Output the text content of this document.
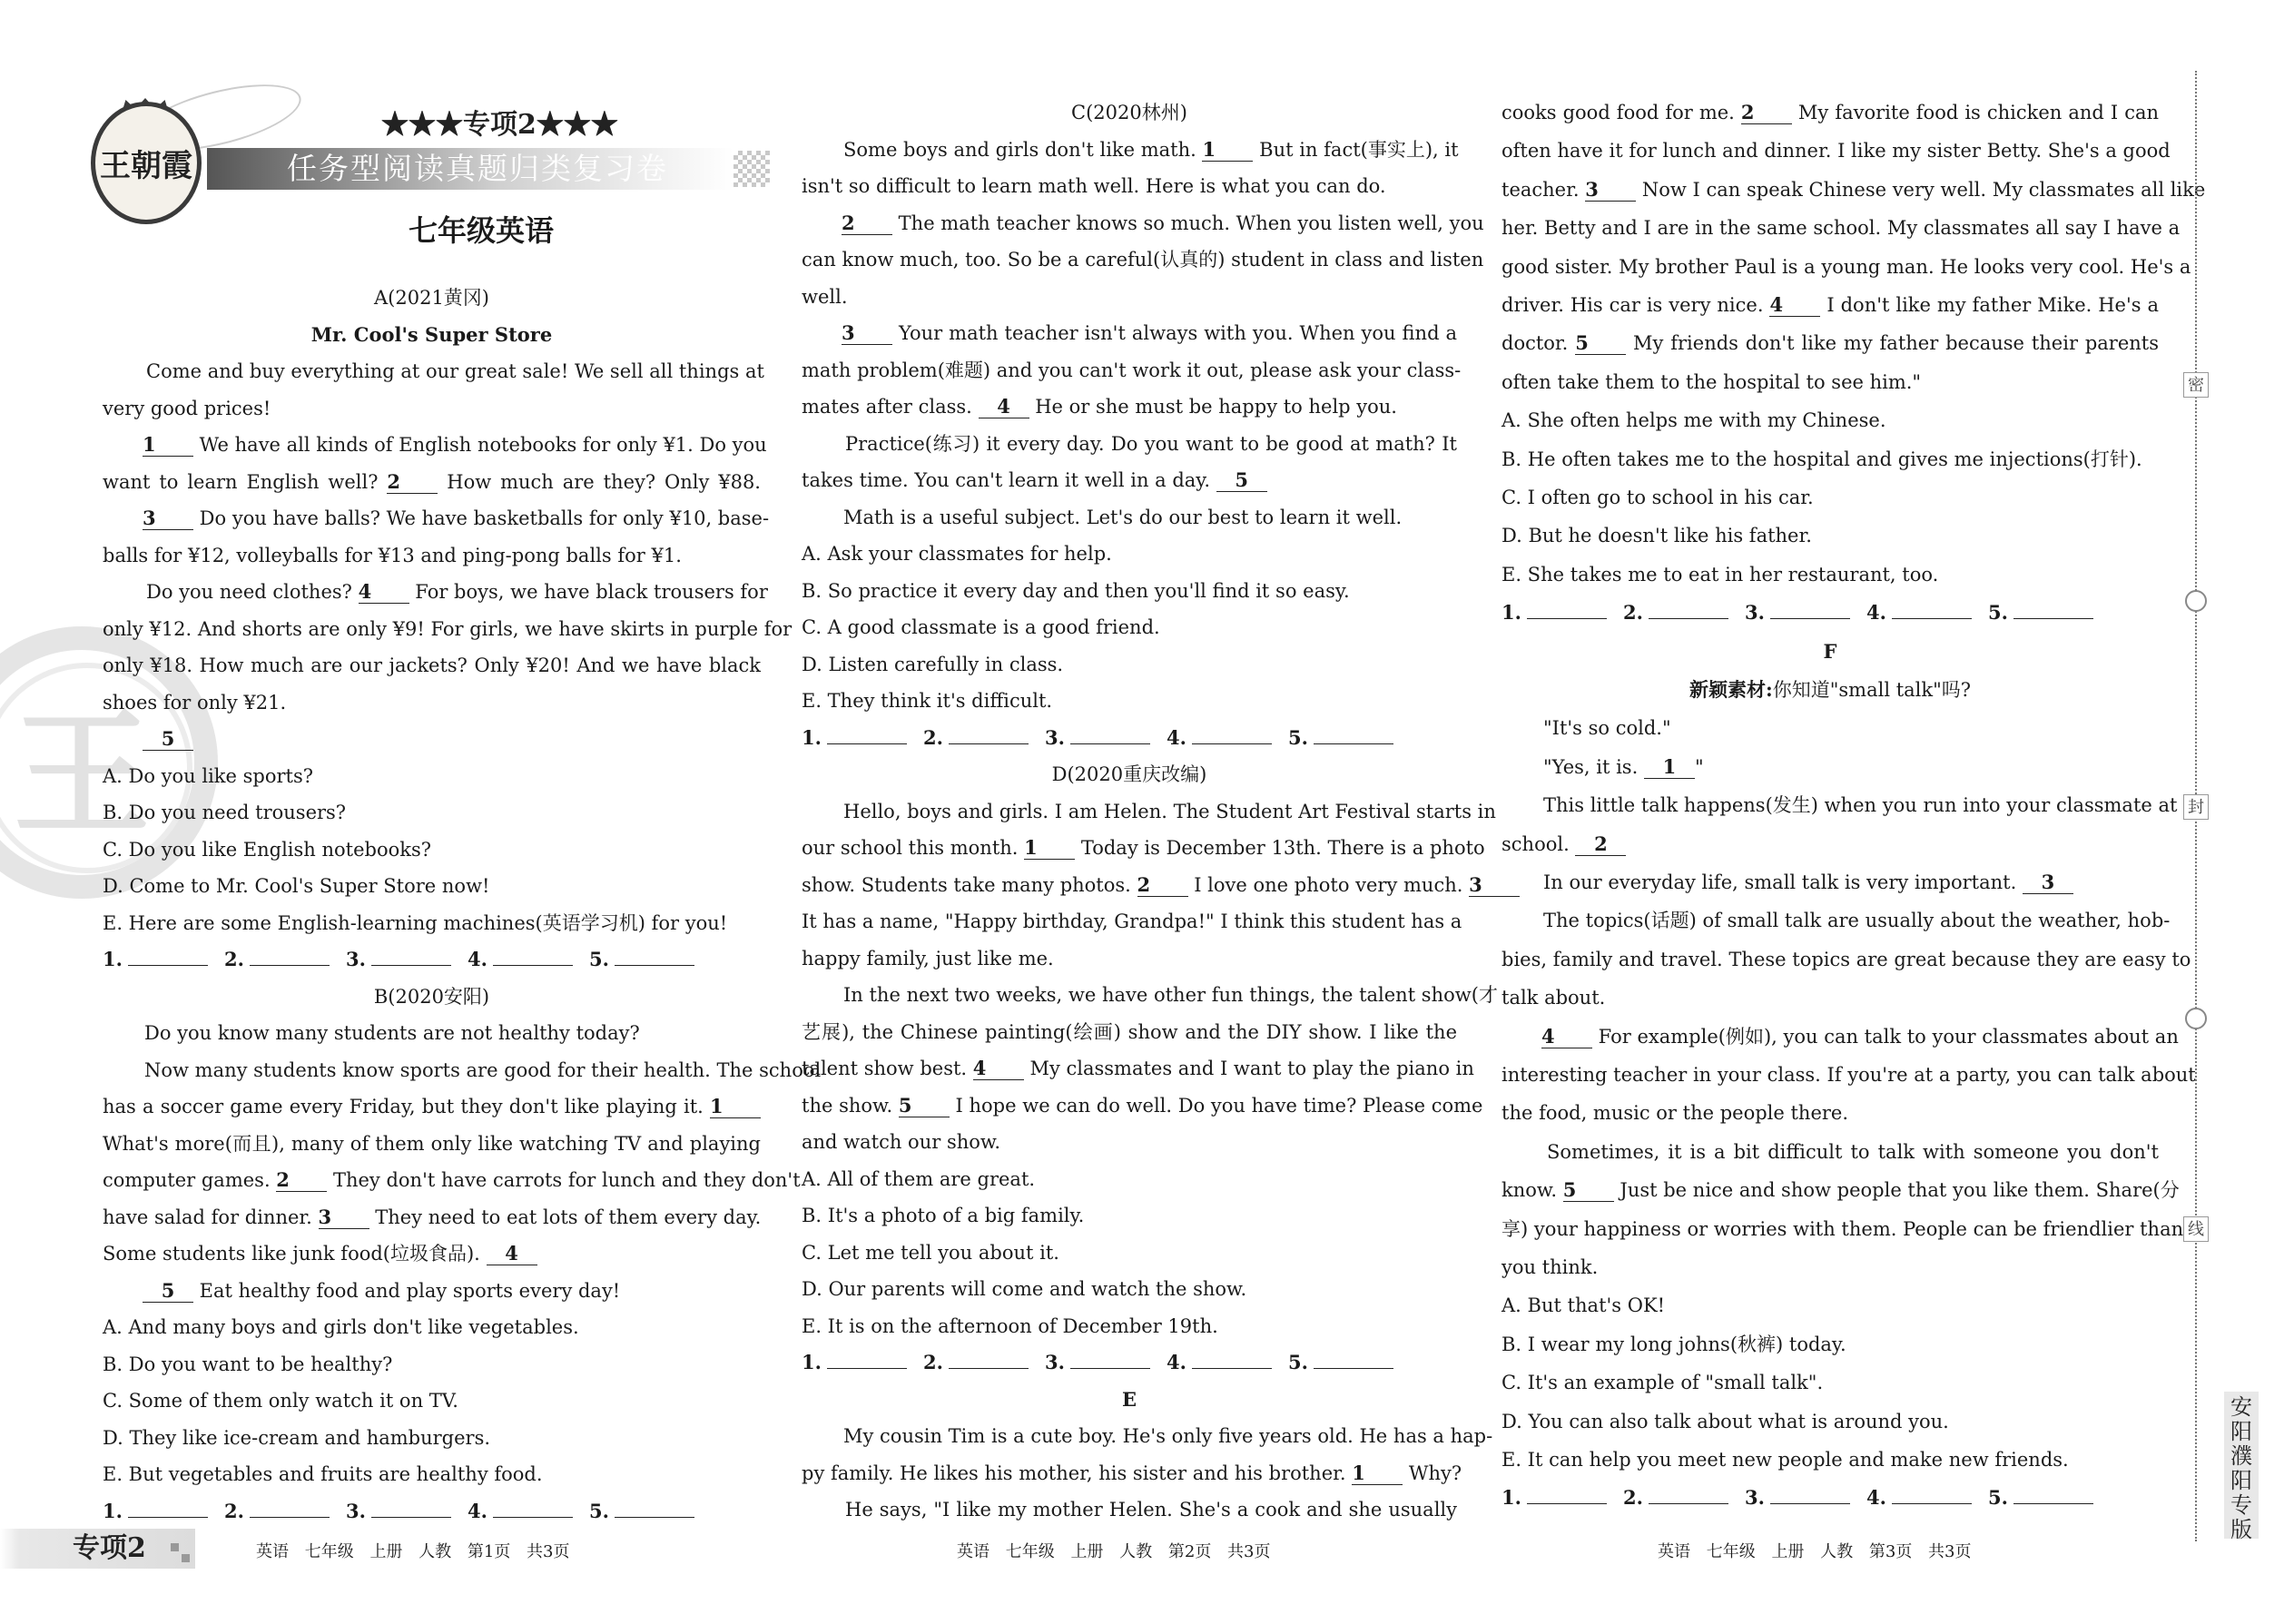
王
王朝霞
★★★专项2★★★
任务型阅读真题归类复习卷
七年级英语
A(2021黄冈)
Mr. Cool's Super Store
Come and buy everything at our great sale! We sell all things at
very good prices!
1 We have all kinds of English notebooks for only ¥1. Do you
want to learn English well? 2 How much are they? Only ¥88.
3 Do you have balls? We have basketballs for only ¥10, base-
balls for ¥12, volleyballs for ¥13 and ping-pong balls for ¥1.
Do you need clothes? 4 For boys, we have black trousers for
only ¥12. And shorts are only ¥9! For girls, we have skirts in purple for
only ¥18. How much are our jackets? Only ¥20! And we have black
shoes for only ¥21.
5
A. Do you like sports?
B. Do you need trousers?
C. Do you like English notebooks?
D. Come to Mr. Cool's Super Store now!
E. Here are some English-learning machines(英语学习机) for you!
1.	2.	3.	4.	5.
B(2020安阳)
Do you know many students are not healthy today?
Now many students know sports are good for their health. The school
has a soccer game every Friday, but they don't like playing it. 1
What's more(而且), many of them only like watching TV and playing
computer games. 2 They don't have carrots for lunch and they don't
have salad for dinner. 3 They need to eat lots of them every day.
Some students like junk food(垃圾食品). 4
5 Eat healthy food and play sports every day!
A. And many boys and girls don't like vegetables.
B. Do you want to be healthy?
C. Some of them only watch it on TV.
D. They like ice-cream and hamburgers.
E. But vegetables and fruits are healthy food.
1.	2.	3.	4.	5.
C(2020林州)
Some boys and girls don't like math. 1 But in fact(事实上), it
isn't so difficult to learn math well. Here is what you can do.
2 The math teacher knows so much. When you listen well, you
can know much, too. So be a careful(认真的) student in class and listen
well.
3 Your math teacher isn't always with you. When you find a
math problem(难题) and you can't work it out, please ask your class-
mates after class. 4 He or she must be happy to help you.
Practice(练习) it every day. Do you want to be good at math? It
takes time. You can't learn it well in a day. 5
Math is a useful subject. Let's do our best to learn it well.
A. Ask your classmates for help.
B. So practice it every day and then you'll find it so easy.
C. A good classmate is a good friend.
D. Listen carefully in class.
E. They think it's difficult.
1.	2.	3.	4.	5.
D(2020重庆改编)
Hello, boys and girls. I am Helen. The Student Art Festival starts in
our school this month. 1 Today is December 13th. There is a photo
show. Students take many photos. 2 I love one photo very much. 3
It has a name, "Happy birthday, Grandpa!" I think this student has a
happy family, just like me.
In the next two weeks, we have other fun things, the talent show(才
艺展), the Chinese painting(绘画) show and the DIY show. I like the
talent show best. 4 My classmates and I want to play the piano in
the show. 5 I hope we can do well. Do you have time? Please come
and watch our show.
A. All of them are great.
B. It's a photo of a big family.
C. Let me tell you about it.
D. Our parents will come and watch the show.
E. It is on the afternoon of December 19th.
1.	2.	3.	4.	5.
E
My cousin Tim is a cute boy. He's only five years old. He has a hap-
py family. He likes his mother, his sister and his brother. 1 Why?
He says, "I like my mother Helen. She's a cook and she usually
cooks good food for me. 2 My favorite food is chicken and I can
often have it for lunch and dinner. I like my sister Betty. She's a good
teacher. 3 Now I can speak Chinese very well. My classmates all like
her. Betty and I are in the same school. My classmates all say I have a
good sister. My brother Paul is a young man. He looks very cool. He's a
driver. His car is very nice. 4 I don't like my father Mike. He's a
doctor. 5 My friends don't like my father because their parents
often take them to the hospital to see him."
A. She often helps me with my Chinese.
B. He often takes me to the hospital and gives me injections(打针).
C. I often go to school in his car.
D. But he doesn't like his father.
E. She takes me to eat in her restaurant, too.
1.	2.	3.	4.	5.
F
新颖素材:你知道"small talk"吗?
"It's so cold."
"Yes, it is. 1 "
This little talk happens(发生) when you run into your classmate at
school. 2
In our everyday life, small talk is very important. 3
The topics(话题) of small talk are usually about the weather, hob-
bies, family and travel. These topics are great because they are easy to
talk about.
4 For example(例如), you can talk to your classmates about an
interesting teacher in your class. If you're at a party, you can talk about
the food, music or the people there.
Sometimes, it is a bit difficult to talk with someone you don't
know. 5 Just be nice and show people that you like them. Share(分
享) your happiness or worries with them. People can be friendlier than
you think.
A. But that's OK!
B. I wear my long johns(秋裤) today.
C. It's an example of "small talk".
D. You can also talk about what is around you.
E. It can help you meet new people and make new friends.
1.	2.	3.	4.	5.
专项2	英语 七年级 上册 人教 第1页 共3页	英语 七年级 上册 人教 第2页 共3页	英语 七年级 上册 人教 第3页 共3页
密
封
线
安阳濮阳专版
